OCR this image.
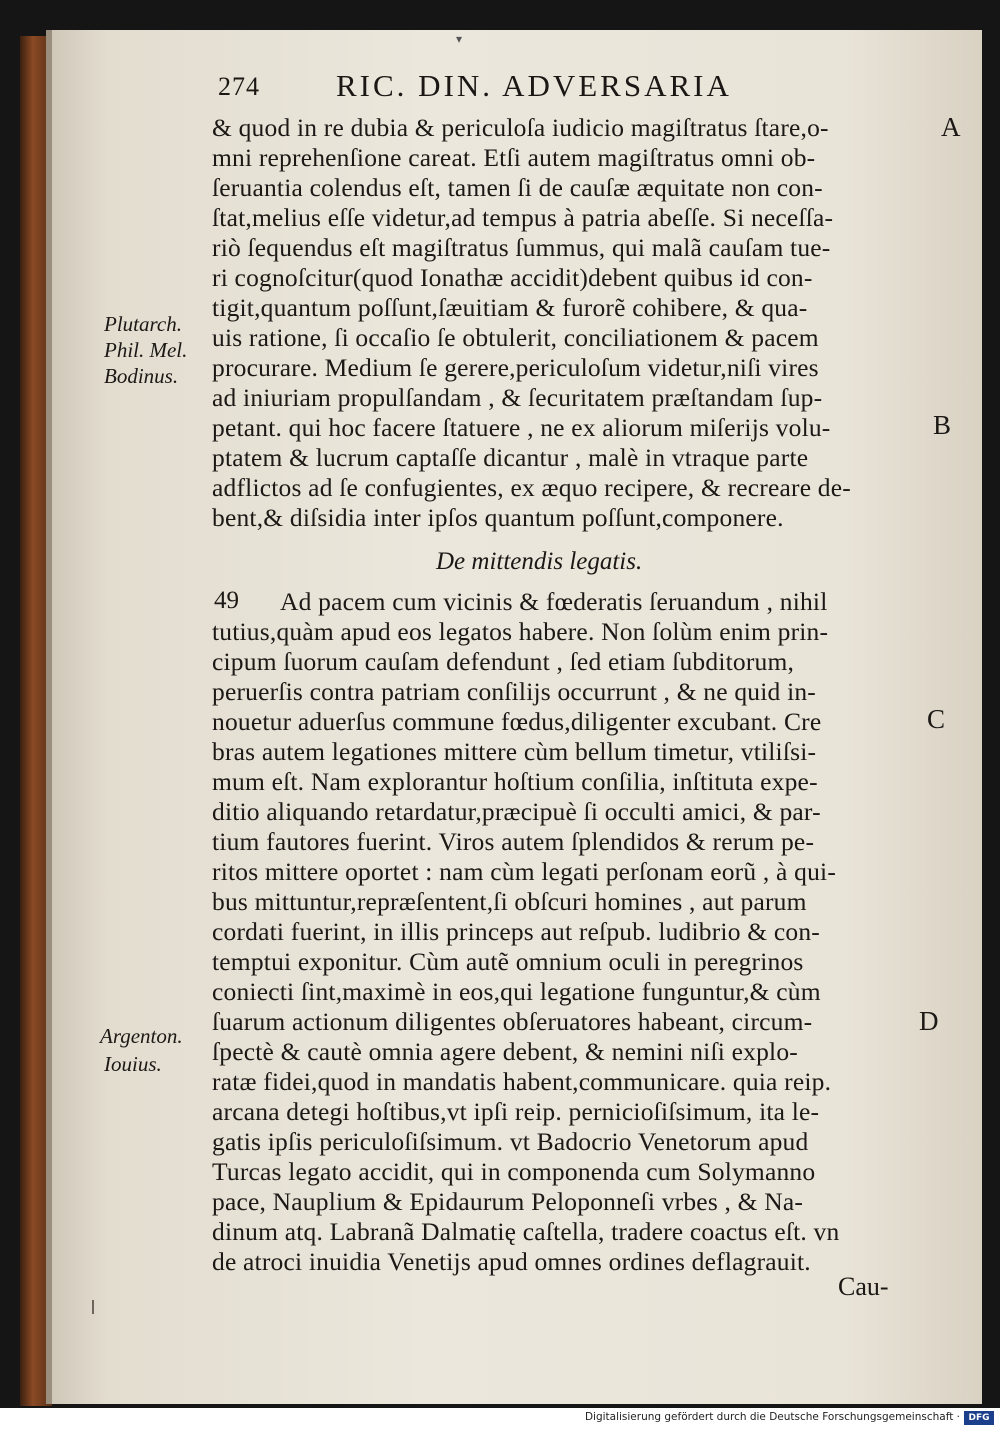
▾
274 RIC. DIN. ADVERSARIA
& quod in re dubia & periculoſa iudicio magiſtratus ſtare,o-
mni reprehenſione careat. Etſi autem magiſtratus omni ob-
ſeruantia colendus eſt, tamen ſi de cauſæ æquitate non con-
ſtat,melius eſſe videtur,ad tempus à patria abeſſe. Si neceſſa-
riò ſequendus eſt magiſtratus ſummus, qui malã cauſam tue-
ri cognoſcitur(quod Ionathæ accidit)debent quibus id con-
tigit,quantum poſſunt,ſæuitiam & furorẽ cohibere, & qua-
uis ratione, ſi occaſio ſe obtulerit, conciliationem & pacem
procurare. Medium ſe gerere,periculoſum videtur,niſi vires
ad iniuriam propulſandam , & ſecuritatem præſtandam ſup-
petant. qui hoc facere ſtatuere , ne ex aliorum miſerijs volu-
ptatem & lucrum captaſſe dicantur , malè in vtraque parte
adflictos ad ſe confugientes, ex æquo recipere, & recreare de-
bent,& diſsidia inter ipſos quantum poſſunt,componere.
De mittendis legatis.
49 Ad pacem cum vicinis & fœderatis ſeruandum , nihil
tutius,quàm apud eos legatos habere. Non ſolùm enim prin-
cipum ſuorum cauſam defendunt , ſed etiam ſubditorum,
peruerſis contra patriam conſilijs occurrunt , & ne quid in-
nouetur aduerſus commune fœdus,diligenter excubant. Cre
bras autem legationes mittere cùm bellum timetur, vtiliſsi-
mum eſt. Nam explorantur hoſtium conſilia, inſtituta expe-
ditio aliquando retardatur,præcipuè ſi occulti amici, & par-
tium fautores fuerint. Viros autem ſplendidos & rerum pe-
ritos mittere oportet : nam cùm legati perſonam eorũ , à qui-
bus mittuntur,repræſentent,ſi obſcuri homines , aut parum
cordati fuerint, in illis princeps aut reſpub. ludibrio & con-
temptui exponitur. Cùm autẽ omnium oculi in peregrinos
coniecti ſint,maximè in eos,qui legatione funguntur,& cùm
ſuarum actionum diligentes obſeruatores habeant, circum-
ſpectè & cautè omnia agere debent, & nemini niſi explo-
ratæ fidei,quod in mandatis habent,communicare. quia reip.
arcana detegi hoſtibus,vt ipſi reip. pernicioſiſsimum, ita le-
gatis ipſis periculoſiſsimum. vt Badocrio Venetorum apud
Turcas legato accidit, qui in componenda cum Solymanno
pace, Nauplium & Epidaurum Peloponneſi vrbes , & Na-
dinum atq. Labranã Dalmatię caſtella, tradere coactus eſt. vn
de atroci inuidia Venetijs apud omnes ordines deflagrauit.
Cau-
Plutarch.
Phil. Mel.
Bodinus.
Argenton.
Iouius.
A
B
C
D
Digitalisierung gefördert durch die Deutsche Forschungsgemeinschaft · DFG
